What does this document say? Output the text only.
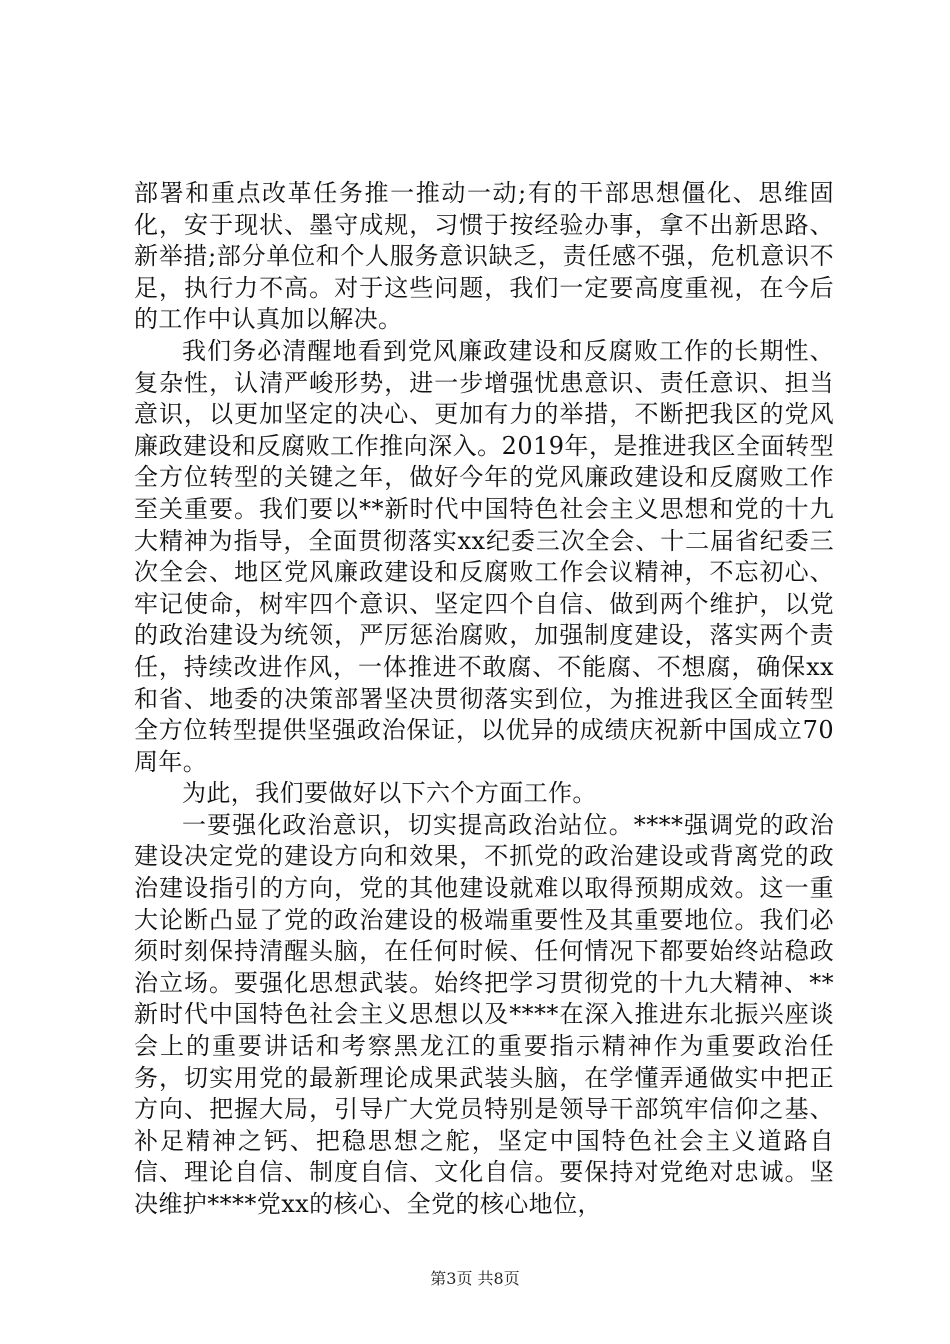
部署和重点改革任务推一推动一动;有的干部思想僵化、思维固化，安于现状、墨守成规，习惯于按经验办事，拿不出新思路、新举措;部分单位和个人服务意识缺乏，责任感不强，危机意识不足，执行力不高。对于这些问题，我们一定要高度重视，在今后的工作中认真加以解决。

我们务必清醒地看到党风廉政建设和反腐败工作的长期性、复杂性，认清严峻形势，进一步增强忧患意识、责任意识、担当意识，以更加坚定的决心、更加有力的举措，不断把我区的党风廉政建设和反腐败工作推向深入。2019年，是推进我区全面转型全方位转型的关键之年，做好今年的党风廉政建设和反腐败工作至关重要。我们要以**新时代中国特色社会主义思想和党的十九大精神为指导，全面贯彻落实xx纪委三次全会、十二届省纪委三次全会、地区党风廉政建设和反腐败工作会议精神，不忘初心、牢记使命，树牢四个意识、坚定四个自信、做到两个维护，以党的政治建设为统领，严厉惩治腐败，加强制度建设，落实两个责任，持续改进作风，一体推进不敢腐、不能腐、不想腐，确保xx和省、地委的决策部署坚决贯彻落实到位，为推进我区全面转型全方位转型提供坚强政治保证，以优异的成绩庆祝新中国成立70周年。

为此，我们要做好以下六个方面工作。

一要强化政治意识，切实提高政治站位。****强调党的政治建设决定党的建设方向和效果，不抓党的政治建设或背离党的政治建设指引的方向，党的其他建设就难以取得预期成效。这一重大论断凸显了党的政治建设的极端重要性及其重要地位。我们必须时刻保持清醒头脑，在任何时候、任何情况下都要始终站稳政治立场。要强化思想武装。始终把学习贯彻党的十九大精神、**新时代中国特色社会主义思想以及****在深入推进东北振兴座谈会上的重要讲话和考察黑龙江的重要指示精神作为重要政治任务，切实用党的最新理论成果武装头脑，在学懂弄通做实中把正方向、把握大局，引导广大党员特别是领导干部筑牢信仰之基、补足精神之钙、把稳思想之舵，坚定中国特色社会主义道路自信、理论自信、制度自信、文化自信。要保持对党绝对忠诚。坚决维护****党xx的核心、全党的核心地位，

第3页 共8页
